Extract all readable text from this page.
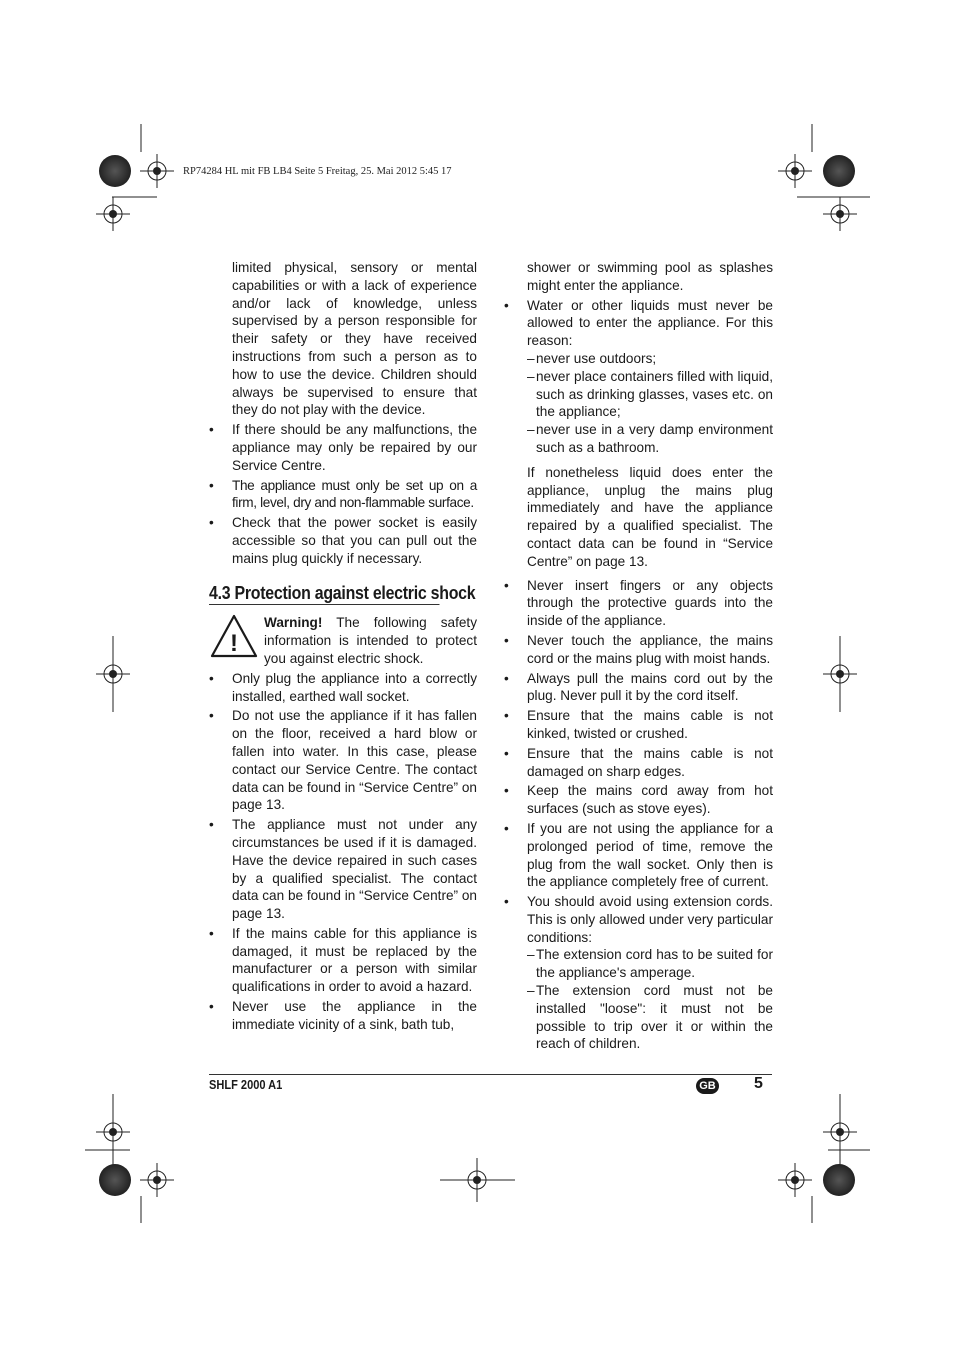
RP74284 HL mit FB LB4 Seite 5 Freitag, 25. Mai 2012 5:45 17
limited physical, sensory or mental capabilities or with a lack of experience and/or lack of knowledge, unless supervised by a person responsible for their safety or they have received instructions from such a person as to how to use the device. Children should always be supervised to ensure that they do not play with the device.
• If there should be any malfunctions, the appliance may only be repaired by our Service Centre.
• The appliance must only be set up on a firm, level, dry and non-flammable surface.
• Check that the power socket is easily accessible so that you can pull out the mains plug quickly if necessary.
4.3 Protection against electric shock
!
Warning! The following safety information is intended to protect you against electric shock.
• Only plug the appliance into a correctly installed, earthed wall socket.
• Do not use the appliance if it has fallen on the floor, received a hard blow or fallen into water. In this case, please contact our Service Centre. The contact data can be found in “Service Centre” on page 13.
• The appliance must not under any circumstances be used if it is damaged. Have the device repaired in such cases by a qualified specialist. The contact data can be found in “Service Centre” on page 13.
• If the mains cable for this appliance is damaged, it must be replaced by the manufacturer or a person with similar qualifications in order to avoid a hazard.
• Never use the appliance in the immediate vicinity of a sink, bath tub,
shower or swimming pool as splashes might enter the appliance.
• Water or other liquids must never be allowed to enter the appliance. For this reason:
– never use outdoors;
– never place containers filled with liquid, such as drinking glasses, vases etc. on the appliance;
– never use in a very damp environment such as a bathroom.
If nonetheless liquid does enter the appliance, unplug the mains plug immediately and have the appliance repaired by a qualified specialist. The contact data can be found in “Service Centre” on page 13.
• Never insert fingers or any objects through the protective guards into the inside of the appliance.
• Never touch the appliance, the mains cord or the mains plug with moist hands.
• Always pull the mains cord out by the plug. Never pull it by the cord itself.
• Ensure that the mains cable is not kinked, twisted or crushed.
• Ensure that the mains cable is not damaged on sharp edges.
• Keep the mains cord away from hot surfaces (such as stove eyes).
• If you are not using the appliance for a prolonged period of time, remove the plug from the wall socket. Only then is the appliance completely free of current.
• You should avoid using extension cords. This is only allowed under very particular conditions:
– The extension cord has to be suited for the appliance's amperage.
– The extension cord must not be installed "loose": it must not be possible to trip over it or within the reach of children.
SHLF 2000 A1	GB 5
